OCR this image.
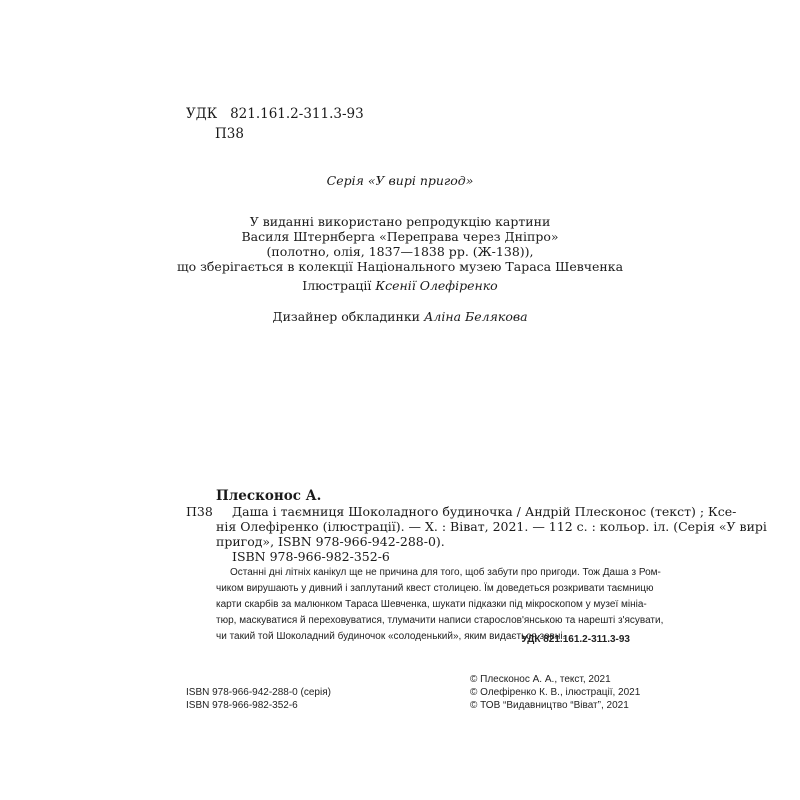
УДК 821.161.2-311.3-93
П38
Серія «У вирі пригод»
У виданні використано репродукцію картини
Василя Штернберга «Переправа через Дніпро»
(полотно, олія, 1837—1838 рр. (Ж-138)),
що зберігається в колекції Національного музею Тараса Шевченка
Ілюстрації Ксенії Олефіренко
Дизайнер обкладинки Аліна Белякова
Плесконос А.
П38 Даша і таємниця Шоколадного будиночка / Андрій Плесконос (текст) ; Ксе-
нія Олефіренко (ілюстрації). — Х. : Віват, 2021. — 112 с. : кольор. іл. (Серія «У вирі
пригод», ISBN 978-966-942-288-0).
ISBN 978-966-982-352-6
Останні дні літніх канікул ще не причина для того, щоб забути про пригоди. Тож Даша з Ром-
чиком вирушають у дивний і заплутаний квест столицею. Їм доведеться розкривати таємницю
карти скарбів за малюнком Тараса Шевченка, шукати підказки під мікроскопом у музеї мініа-
тюр, маскуватися й переховуватися, тлумачити написи старослов'янською та нарешті з'ясувати,
чи такий той Шоколадний будиночок «солоденький», яким видається зовні.
УДК 821.161.2-311.3-93
ISBN 978-966-942-288-0 (серія)
ISBN 978-966-982-352-6
© Плесконос А. А., текст, 2021
© Олефіренко К. В., ілюстрації, 2021
© ТОВ “Видавництво “Віват”, 2021
